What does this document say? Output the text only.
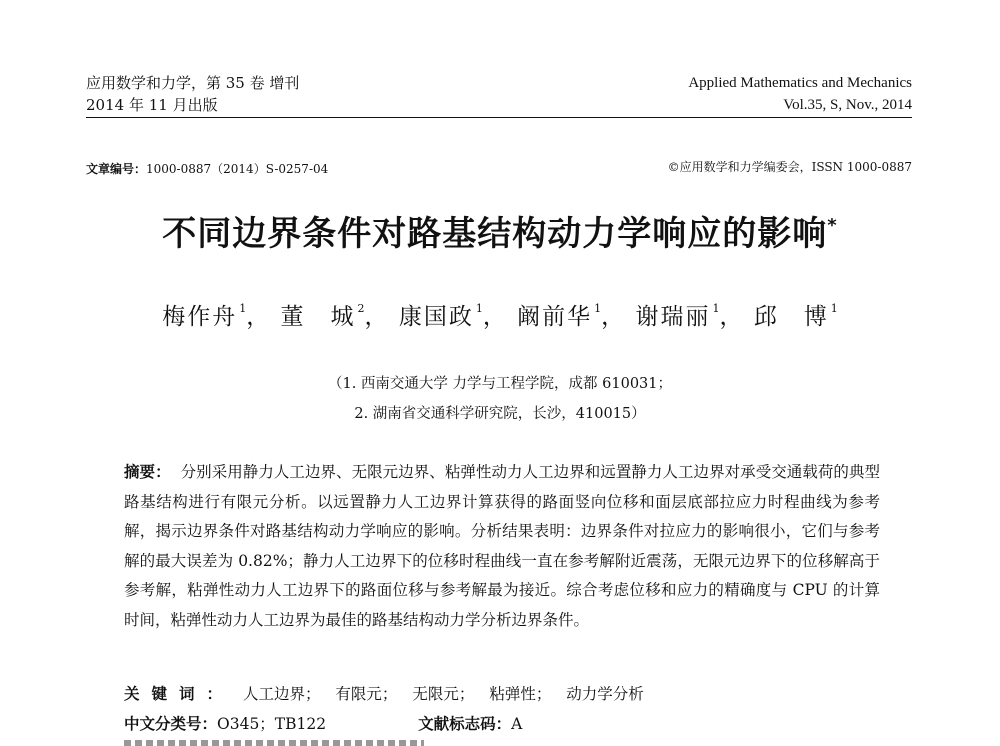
应用数学和力学，第 35 卷 增刊
2014 年 11 月出版
Applied Mathematics and Mechanics
Vol.35, S, Nov., 2014
文章编号：1000-0887（2014）S-0257-04	©应用数学和力学编委会，ISSN 1000-0887
不同边界条件对路基结构动力学响应的影响*
梅作舟 $^1$， 董　城 $^2$， 康国政 $^1$， 阚前华 $^1$， 谢瑞丽 $^1$， 邱　博 $^1$
（1. 西南交通大学 力学与工程学院，成都 610031；
2. 湖南省交通科学研究院，长沙，410015）
摘要： 分别采用静力人工边界、无限元边界、粘弹性动力人工边界和远置静力人工边界对承受交通载荷的典型路基结构进行有限元分析。以远置静力人工边界计算获得的路面竖向位移和面层底部拉应力时程曲线为参考解，揭示边界条件对路基结构动力学响应的影响。分析结果表明：边界条件对拉应力的影响很小，它们与参考解的最大误差为 0.82%；静力人工边界下的位移时程曲线一直在参考解附近震荡，无限元边界下的位移解高于参考解，粘弹性动力人工边界下的路面位移与参考解最为接近。综合考虑位移和应力的精确度与 CPU 的计算时间，粘弹性动力人工边界为最佳的路基结构动力学分析边界条件。
关键词： 人工边界； 有限元； 无限元； 粘弹性； 动力学分析
中文分类号：O345；TB122	文献标志码：A
